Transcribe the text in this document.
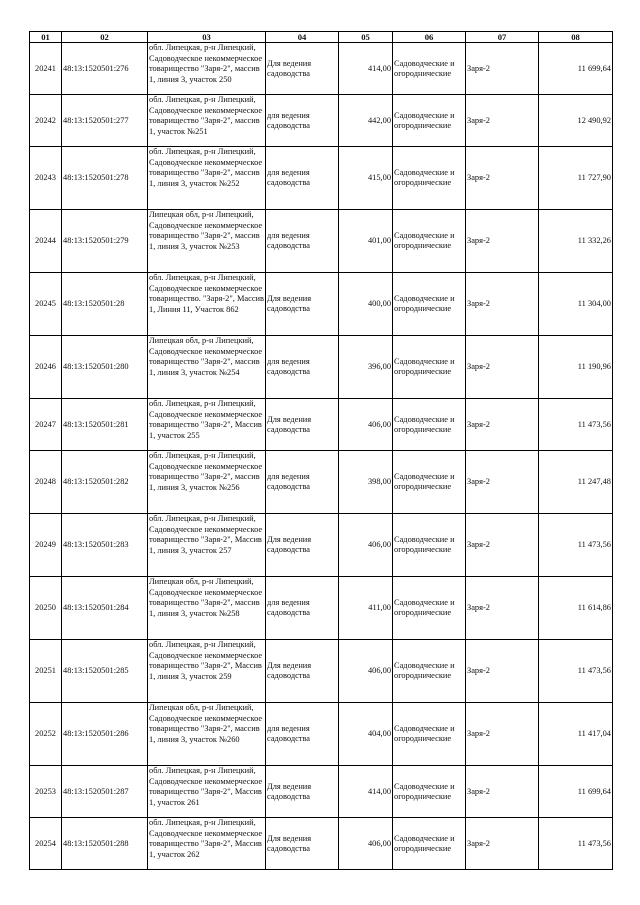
01	02	03	04	05	06	07	08
20241	48:13:1520501:276	обл. Липецкая, р-н Липецкий, Садоводческое некоммерческое товарищество "Заря-2", массив 1, линия 3, участок 250	Для ведения садоводства	414,00	Садоводческие и огороднические	Заря-2	11 699,64
20242	48:13:1520501:277	обл. Липецкая, р-н Липецкий, Садоводческое некоммерческое товарищество "Заря-2", массив 1, участок №251	для ведения садоводства	442,00	Садоводческие и огороднические	Заря-2	12 490,92
20243	48:13:1520501:278	обл. Липецкая, р-н Липецкий, Садоводческое некоммерческое товарищество "Заря-2", массив 1, линия 3, участок №252	для ведения садоводства	415,00	Садоводческие и огороднические	Заря-2	11 727,90
20244	48:13:1520501:279	Липецкая обл, р-н Липецкий, Садоводческое некоммерческое товарищество "Заря-2", массив 1, линия 3, участок №253	для ведения садоводства	401,00	Садоводческие и огороднические	Заря-2	11 332,26
20245	48:13:1520501:28	обл. Липецкая, р-н Липецкий, Садоводческое некоммерческое товарищество. "Заря-2", Массив 1, Линия 11, Участок 862	Для ведения садоводства	400,00	Садоводческие и огороднические	Заря-2	11 304,00
20246	48:13:1520501:280	Липецкая обл, р-н Липецкий, Садоводческое некоммерческое товарищество "Заря-2", массив 1, линия 3, участок №254	для ведения садоводства	396,00	Садоводческие и огороднические	Заря-2	11 190,96
20247	48:13:1520501:281	обл. Липецкая, р-н Липецкий, Садоводческое некоммерческое товарищество "Заря-2", Массив 1, участок 255	Для ведения садоводства	406,00	Садоводческие и огороднические	Заря-2	11 473,56
20248	48:13:1520501:282	обл. Липецкая, р-н Липецкий, Садоводческое некоммерческое товарищество "Заря-2", массив 1, линия 3, участок №256	для ведения садоводства	398,00	Садоводческие и огороднические	Заря-2	11 247,48
20249	48:13:1520501:283	обл. Липецкая, р-н Липецкий, Садоводческое некоммерческое товарищество "Заря-2", Массив 1, линия 3, участок 257	Для ведения садоводства	406,00	Садоводческие и огороднические	Заря-2	11 473,56
20250	48:13:1520501:284	Липецкая обл, р-н Липецкий, Садоводческое некоммерческое товарищество "Заря-2", массив 1, линия 3, участок №258	для ведения садоводства	411,00	Садоводческие и огороднические	Заря-2	11 614,86
20251	48:13:1520501:285	обл. Липецкая, р-н Липецкий, Садоводческое некоммерческое товарищество "Заря-2", Массив 1, линия 3, участок 259	Для ведения садоводства	406,00	Садоводческие и огороднические	Заря-2	11 473,56
20252	48:13:1520501:286	Липецкая обл, р-н Липецкий, Садоводческое некоммерческое товарищество "Заря-2", массив 1, линия 3, участок №260	для ведения садоводства	404,00	Садоводческие и огороднические	Заря-2	11 417,04
20253	48:13:1520501:287	обл. Липецкая, р-н Липецкий, Садоводческое некоммерческое товарищество "Заря-2", Массив 1, участок 261	Для ведения садоводства	414,00	Садоводческие и огороднические	Заря-2	11 699,64
20254	48:13:1520501:288	обл. Липецкая, р-н Липецкий, Садоводческое некоммерческое товарищество "Заря-2", Массив 1, участок 262	Для ведения садоводства	406,00	Садоводческие и огороднические	Заря-2	11 473,56
